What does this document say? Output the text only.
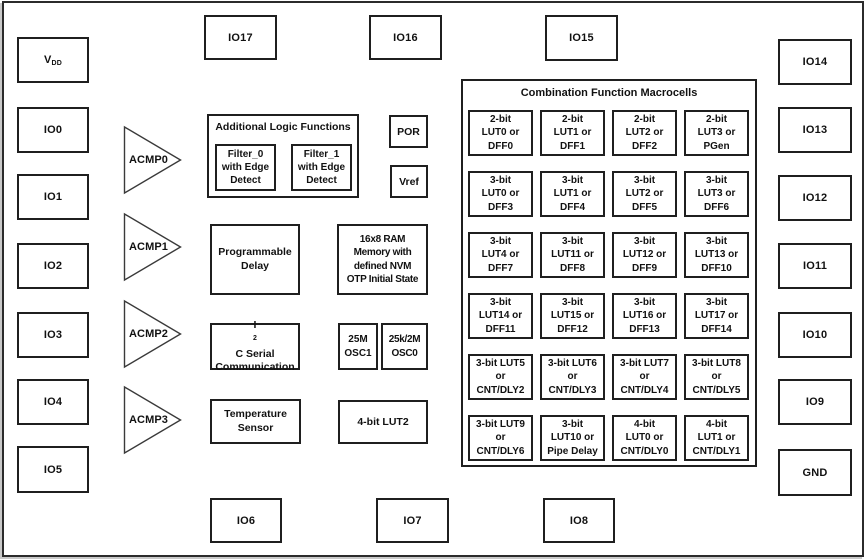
$V_{DD}$
IO0
IO1
IO2
IO3
IO4
IO5
IO17	IO16	IO15
IO14
IO13
IO12
IO11
IO10
IO9
GND
IO6	IO7	IO8
ACMP0
ACMP1
ACMP2
ACMP3
Additional Logic Functions
Filter_0
with Edge
Detect
Filter_1
with Edge
Detect
Programmable
Delay
I
$^2$
C Serial
Communication
Temperature
Sensor
POR
Vref
16x8 RAM
Memory with
defined NVM
OTP Initial State
25M
OSC1
25k/2M
OSC0
4-bit LUT2
Combination Function Macrocells
2-bit
LUT0 or
DFF0
2-bit
LUT1 or
DFF1
2-bit
LUT2 or
DFF2
2-bit
LUT3 or
PGen
3-bit
LUT0 or
DFF3
3-bit
LUT1 or
DFF4
3-bit
LUT2 or
DFF5
3-bit
LUT3 or
DFF6
3-bit
LUT4 or
DFF7
3-bit
LUT11 or
DFF8
3-bit
LUT12 or
DFF9
3-bit
LUT13 or
DFF10
3-bit
LUT14 or
DFF11
3-bit
LUT15 or
DFF12
3-bit
LUT16 or
DFF13
3-bit
LUT17 or
DFF14
3-bit LUT5
or
CNT/DLY2
3-bit LUT6
or
CNT/DLY3
3-bit LUT7
or
CNT/DLY4
3-bit LUT8
or
CNT/DLY5
3-bit LUT9
or
CNT/DLY6
3-bit
LUT10 or
Pipe Delay
4-bit
LUT0 or
CNT/DLY0
4-bit
LUT1 or
CNT/DLY1
